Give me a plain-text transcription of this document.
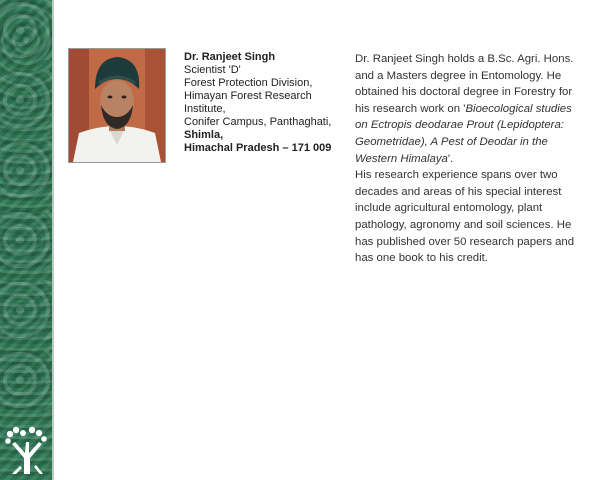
Dr. Ranjeet Singh
Scientist 'D'
Forest Protection Division,
Himayan Forest Research
Institute,
Conifer Campus, Panthaghati,
Shimla,
Himachal Pradesh – 171 009

Dr. Ranjeet Singh holds a B.Sc. Agri. Hons. and a Masters degree in Entomology. He obtained his doctoral degree in Forestry for his research work on 'Bioecological studies on Ectropis deodarae Prout (Lepidoptera: Geometridae), A Pest of Deodar in the Western Himalaya'.

His research experience spans over two decades and areas of his special interest include agricultural entomology, plant pathology, agronomy and soil sciences. He has published over 50 research papers and has one book to his credit.
